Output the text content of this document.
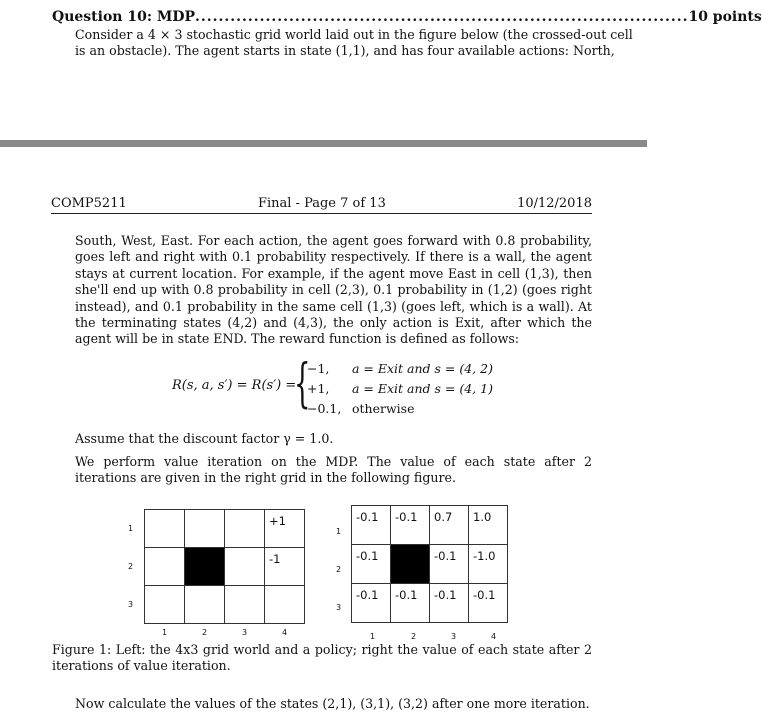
Question 10: MDP .................................................................................... 10 points
Consider a 4 × 3 stochastic grid world laid out in the figure below (the crossed-out cell
is an obstacle). The agent starts in state (1,1), and has four available actions: North,
COMP5211	Final - Page 7 of 13	10/12/2018
South, West, East. For each action, the agent goes forward with 0.8 probability, goes left and right with 0.1 probability respectively. If there is a wall, the agent stays at current location. For example, if the agent move East in cell (1,3), then she'll end up with 0.8 probability in cell (2,3), 0.1 probability in (1,2) (goes right instead), and 0.1 probability in the same cell (1,3) (goes left, which is a wall). At the terminating states (4,2) and (4,3), the only action is Exit, after which the agent will be in state END. The reward function is defined as follows:
R(s, a, s′) = R(s′) =
{
−1, a = Exit and s = (4, 2)
+1, a = Exit and s = (4, 1)
−0.1, otherwise
Assume that the discount factor γ = 1.0.
We perform value iteration on the MDP. The value of each state after 2 iterations are given in the right grid in the following figure.

			+1

			-1

1
2
3
1	2	3	4
-0.1	-0.1	0.7	1.0

-0.1		-0.1	-1.0

-0.1	-0.1	-0.1	-0.1
1
2
3
1	2	3	4
Figure 1: Left: the 4x3 grid world and a policy; right the value of each state after 2 iterations of value iteration.
Now calculate the values of the states (2,1), (3,1), (3,2) after one more iteration.
